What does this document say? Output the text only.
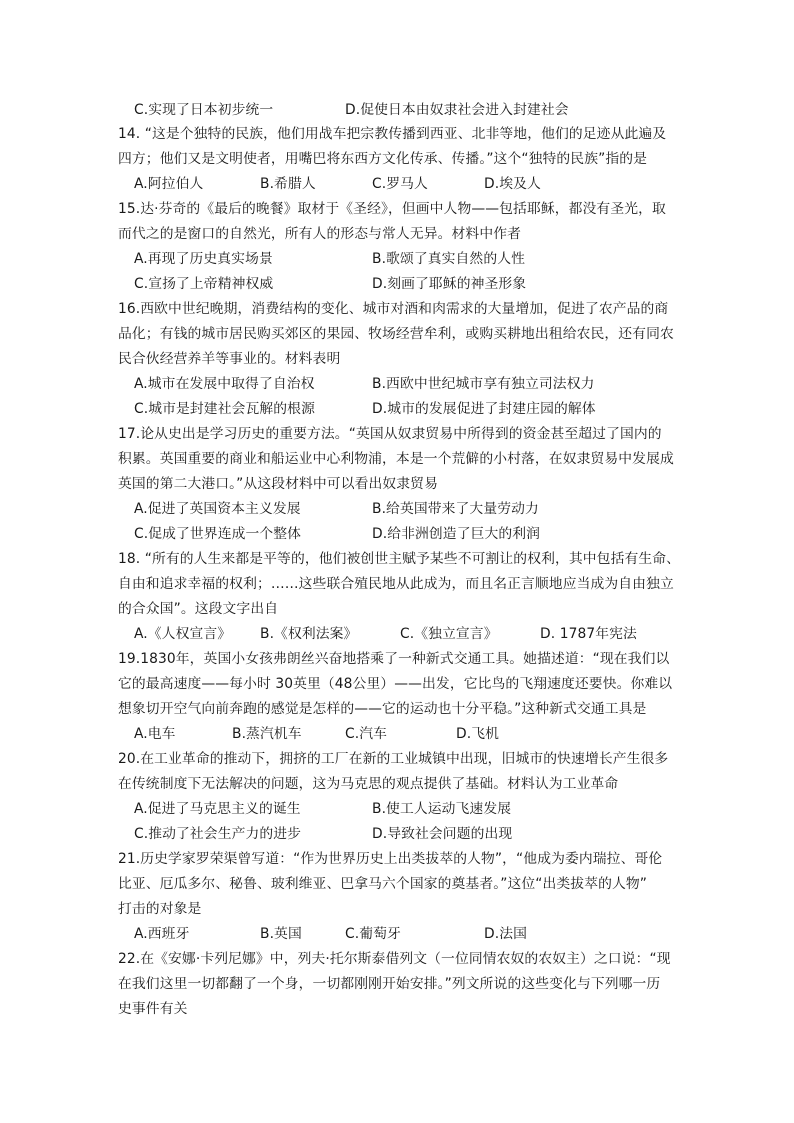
C.实现了日本初步统一	D.促使日本由奴隶社会进入封建社会
14. “这是个独特的民族，他们用战车把宗教传播到西亚、北非等地，他们的足迹从此遍及
四方；他们又是文明使者，用嘴巴将东西方文化传承、传播。”这个“独特的民族”指的是
A.阿拉伯人	B.希腊人	C.罗马人	D.埃及人
15.达·芬奇的《最后的晚餐》取材于《圣经》，但画中人物——包括耶稣，都没有圣光，取
而代之的是窗口的自然光，所有人的形态与常人无异。材料中作者
A.再现了历史真实场景	B.歌颂了真实自然的人性
C.宣扬了上帝精神权威	D.刻画了耶稣的神圣形象
16.西欧中世纪晚期，消费结构的变化、城市对酒和肉需求的大量增加，促进了农产品的商
品化；有钱的城市居民购买郊区的果园、牧场经营牟利，或购买耕地出租给农民，还有同农
民合伙经营养羊等事业的。材料表明
A.城市在发展中取得了自治权	B.西欧中世纪城市享有独立司法权力
C.城市是封建社会瓦解的根源	D.城市的发展促进了封建庄园的解体
17.论从史出是学习历史的重要方法。“英国从奴隶贸易中所得到的资金甚至超过了国内的
积累。英国重要的商业和船运业中心利物浦，本是一个荒僻的小村落，在奴隶贸易中发展成
英国的第二大港口。”从这段材料中可以看出奴隶贸易
A.促进了英国资本主义发展	B.给英国带来了大量劳动力
C.促成了世界连成一个整体	D.给非洲创造了巨大的利润
18. “所有的人生来都是平等的，他们被创世主赋予某些不可割让的权利，其中包括有生命、
自由和追求幸福的权利；……这些联合殖民地从此成为，而且名正言顺地应当成为自由独立
的合众国”。这段文字出自
A.《人权宣言》 B.《权利法案》	C.《独立宣言》	D. 1787年宪法
19.1830年，英国小女孩弗朗丝兴奋地搭乘了一种新式交通工具。她描述道：“现在我们以
它的最高速度——每小时 30英里（48公里）——出发，它比鸟的飞翔速度还要快。你难以
想象切开空气向前奔跑的感觉是怎样的——它的运动也十分平稳。”这种新式交通工具是
A.电车	B.蒸汽机车	C.汽车	D.飞机
20.在工业革命的推动下，拥挤的工厂在新的工业城镇中出现，旧城市的快速增长产生很多
在传统制度下无法解决的问题，这为马克思的观点提供了基础。材料认为工业革命
A.促进了马克思主义的诞生	B.使工人运动飞速发展
C.推动了社会生产力的进步	D.导致社会问题的出现
21.历史学家罗荣渠曾写道：“作为世界历史上出类拔萃的人物”，“他成为委内瑞拉、哥伦
比亚、厄瓜多尔、秘鲁、玻利维亚、巴拿马六个国家的奠基者。”这位“出类拔萃的人物”
打击的对象是
A.西班牙	B.英国	C.葡萄牙	D.法国
22.在《安娜·卡列尼娜》中，列夫·托尔斯泰借列文（一位同情农奴的农奴主）之口说：“现
在我们这里一切都翻了一个身，一切都刚刚开始安排。”列文所说的这些变化与下列哪一历
史事件有关
